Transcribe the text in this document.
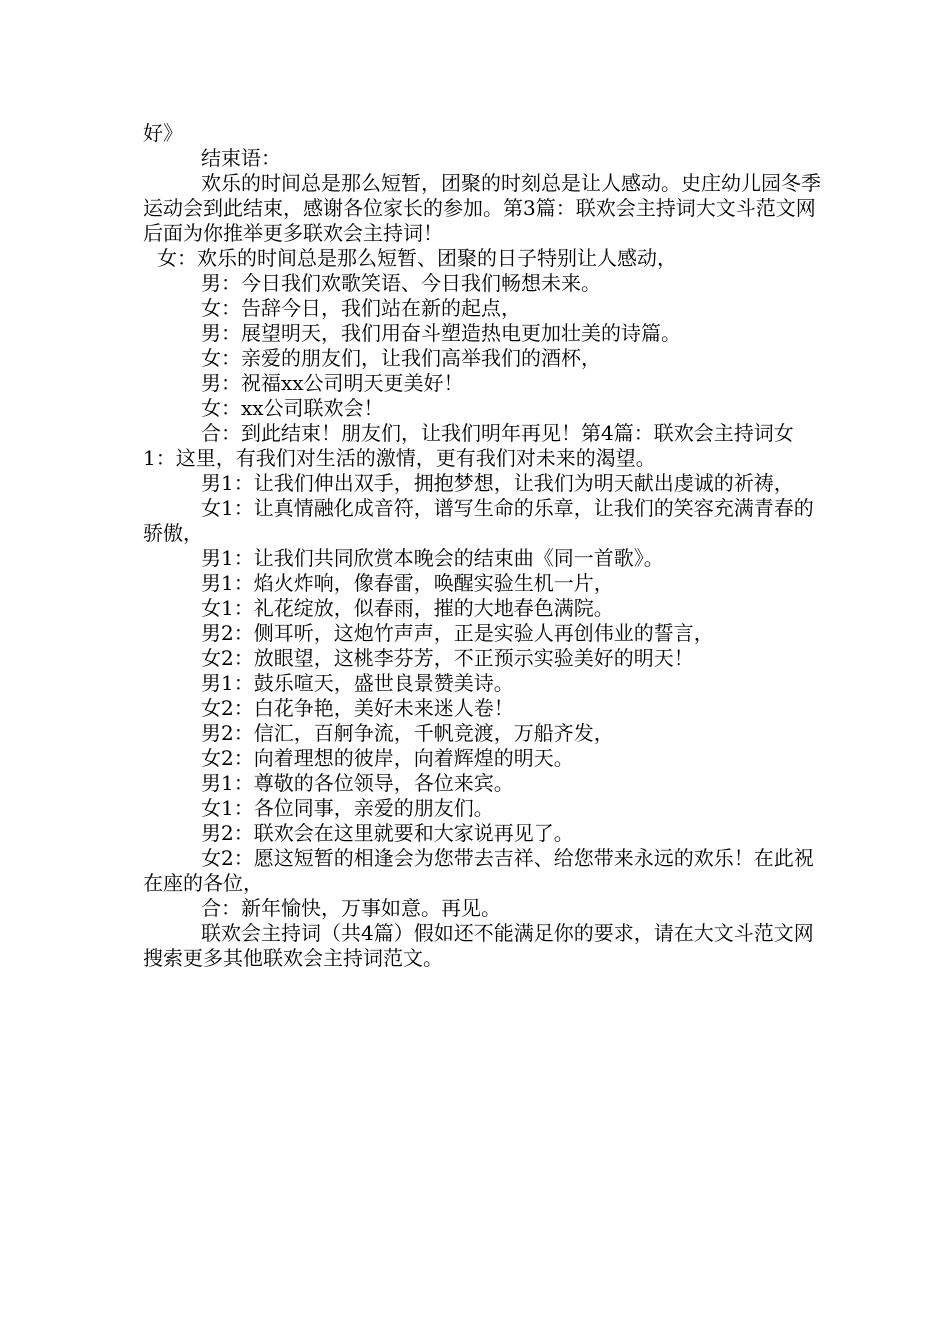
好》

结束语：

欢乐的时间总是那么短暂，团聚的时刻总是让人感动。史庄幼儿园冬季运动会到此结束，感谢各位家长的参加。第3篇：联欢会主持词大文斗范文网后面为你推举更多联欢会主持词！

女：欢乐的时间总是那么短暂、团聚的日子特别让人感动，

男：今日我们欢歌笑语、今日我们畅想未来。

女：告辞今日，我们站在新的起点，

男：展望明天，我们用奋斗塑造热电更加壮美的诗篇。

女：亲爱的朋友们，让我们高举我们的酒杯，

男：祝福xx公司明天更美好！

女：xx公司联欢会！

合：到此结束！朋友们，让我们明年再见！第4篇：联欢会主持词女1：这里，有我们对生活的激情，更有我们对未来的渴望。

男1：让我们伸出双手，拥抱梦想，让我们为明天献出虔诚的祈祷，

女1：让真情融化成音符，谱写生命的乐章，让我们的笑容充满青春的骄傲，

男1：让我们共同欣赏本晚会的结束曲《同一首歌》。

男1：焰火炸响，像春雷，唤醒实验生机一片，

女1：礼花绽放，似春雨，摧的大地春色满院。

男2：侧耳听，这炮竹声声，正是实验人再创伟业的誓言，

女2：放眼望，这桃李芬芳，不正预示实验美好的明天！

男1：鼓乐喧天，盛世良景赞美诗。

女2：白花争艳，美好未来迷人卷！

男2：信汇，百舸争流，千帆竞渡，万船齐发，

女2：向着理想的彼岸，向着辉煌的明天。

男1：尊敬的各位领导，各位来宾。

女1：各位同事，亲爱的朋友们。

男2：联欢会在这里就要和大家说再见了。

女2：愿这短暂的相逢会为您带去吉祥、给您带来永远的欢乐！在此祝在座的各位，

合：新年愉快，万事如意。再见。

联欢会主持词（共4篇）假如还不能满足你的要求，请在大文斗范文网搜索更多其他联欢会主持词范文。
